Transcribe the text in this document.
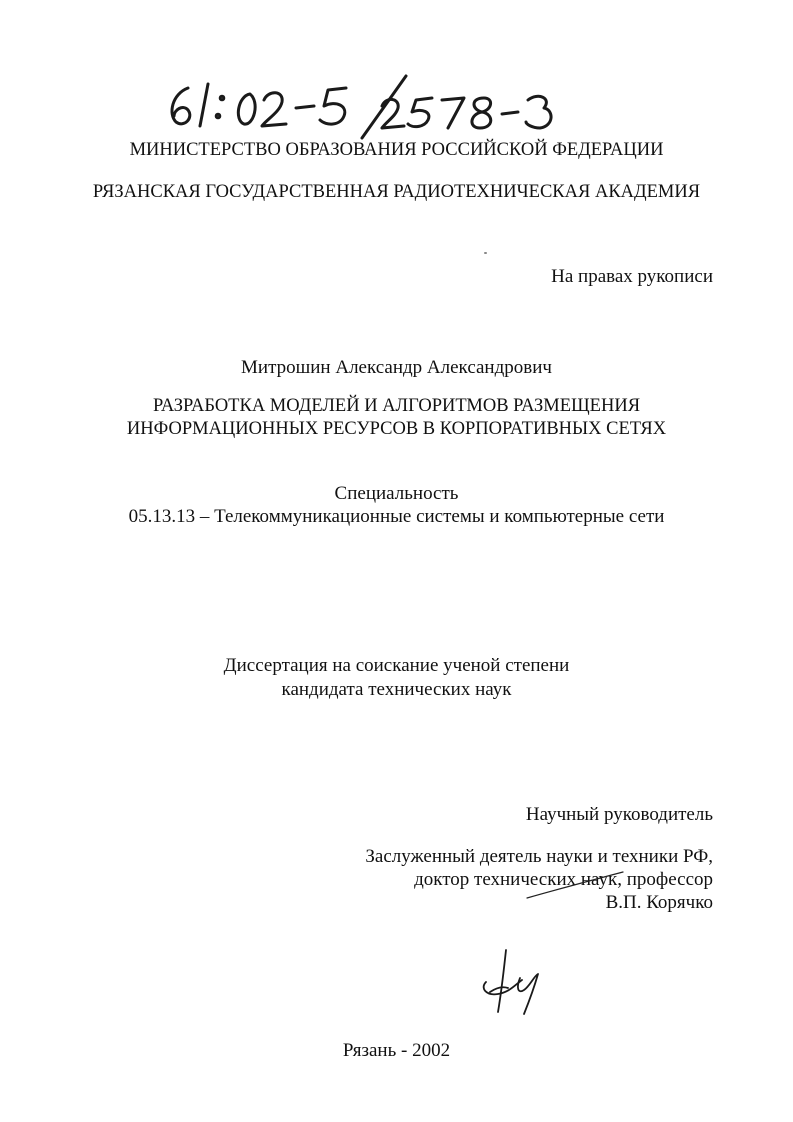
МИНИСТЕРСТВО ОБРАЗОВАНИЯ РОССИЙСКОЙ ФЕДЕРАЦИИ
РЯЗАНСКАЯ ГОСУДАРСТВЕННАЯ РАДИОТЕХНИЧЕСКАЯ АКАДЕМИЯ
На правах рукописи
Митрошин Александр Александрович
РАЗРАБОТКА МОДЕЛЕЙ И АЛГОРИТМОВ РАЗМЕЩЕНИЯ
ИНФОРМАЦИОННЫХ РЕСУРСОВ В КОРПОРАТИВНЫХ СЕТЯХ
Специальность
05.13.13 – Телекоммуникационные системы и компьютерные сети
Диссертация на соискание ученой степени
кандидата технических наук
Научный руководитель
Заслуженный деятель науки и техники РФ,
доктор технических наук, профессор
В.П. Корячко
Рязань - 2002
